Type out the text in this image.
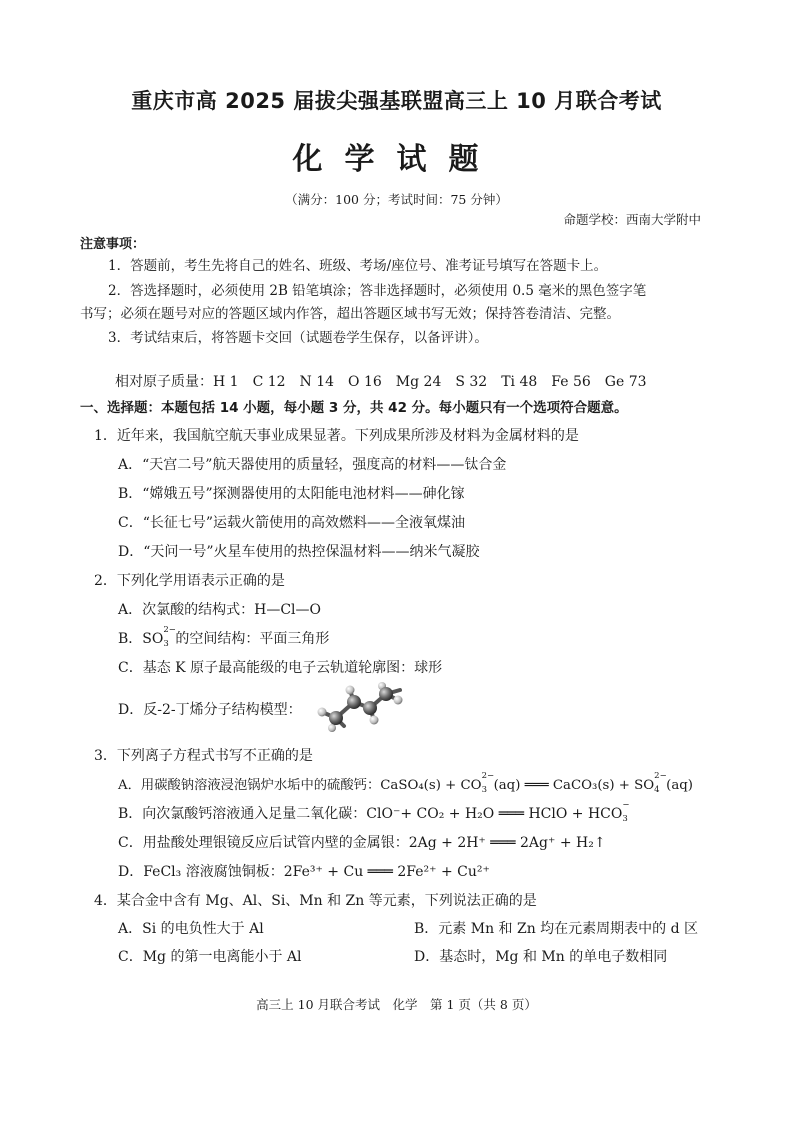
重庆市高 2025 届拔尖强基联盟高三上 10 月联合考试
化学试题
（满分：100 分；考试时间：75 分钟）
命题学校：西南大学附中
注意事项：
1．答题前，考生先将自己的姓名、班级、考场/座位号、准考证号填写在答题卡上。
2．答选择题时，必须使用 2B 铅笔填涂；答非选择题时，必须使用 0.5 毫米的黑色签字笔
书写；必须在题号对应的答题区域内作答，超出答题区域书写无效；保持答卷清洁、完整。
3．考试结束后，将答题卡交回（试题卷学生保存，以备评讲）。
相对原子质量：H 1　C 12　N 14　O 16　Mg 24　S 32　Ti 48　Fe 56　Ge 73
一、选择题：本题包括 14 小题，每小题 3 分，共 42 分。每小题只有一个选项符合题意。
1．近年来，我国航空航天事业成果显著。下列成果所涉及材料为金属材料的是
A．“天宫二号”航天器使用的质量轻，强度高的材料——钛合金
B．“嫦娥五号”探测器使用的太阳能电池材料——砷化镓
C．“长征七号”运载火箭使用的高效燃料——全液氧煤油
D．“天问一号”火星车使用的热控保温材料——纳米气凝胶
2．下列化学用语表示正确的是
A．次氯酸的结构式：H—Cl—O
B．SO
2−
3 的空间结构：平面三角形
C．基态 K 原子最高能级的电子云轨道轮廓图：球形
D．反-2-丁烯分子结构模型：
3．下列离子方程式书写不正确的是
A．用碳酸钠溶液浸泡锅炉水垢中的硫酸钙：CaSO₄(s) + CO
2−
3 (aq) ═══ CaCO₃(s) + SO
2−
4 (aq)
B．向次氯酸钙溶液通入足量二氧化碳：ClO⁻+ CO₂ + H₂O ═══ HClO + HCO
−
3
C．用盐酸处理银镜反应后试管内壁的金属银：2Ag + 2H⁺ ═══ 2Ag⁺ + H₂↑
D．FeCl₃ 溶液腐蚀铜板：2Fe³⁺ + Cu ═══ 2Fe²⁺ + Cu²⁺
4．某合金中含有 Mg、Al、Si、Mn 和 Zn 等元素，下列说法正确的是
A．Si 的电负性大于 Al	B．元素 Mn 和 Zn 均在元素周期表中的 d 区
C．Mg 的第一电离能小于 Al	D．基态时，Mg 和 Mn 的单电子数相同
高三上 10 月联合考试　化学　第 1 页（共 8 页）
